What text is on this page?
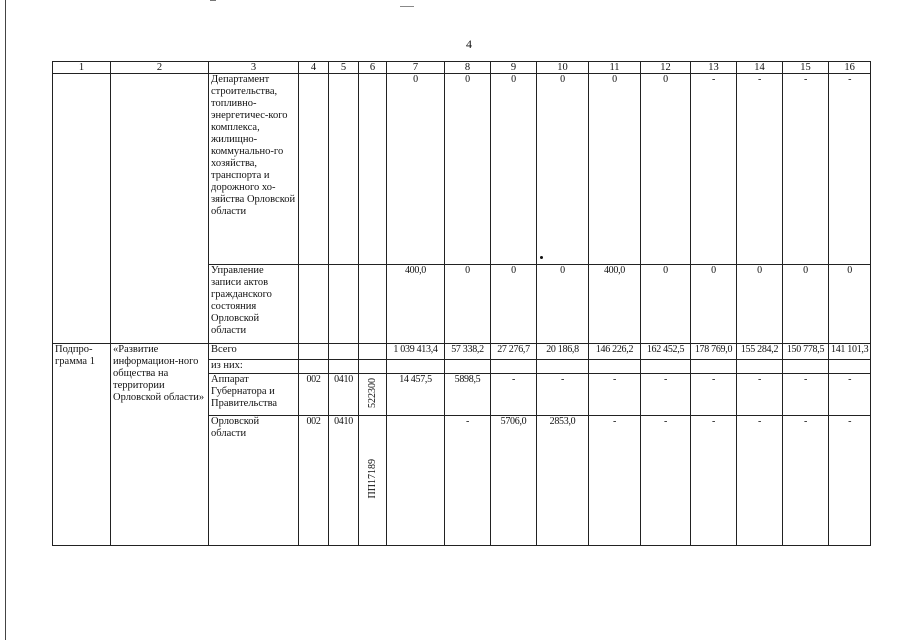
4
1	2	3	4	5	6	7	8	9	10	11	12	13	14	15	16
		Департамент строительства, топливно-энергетичес-кого комплекса, жилищно-коммунально-го хозяйства, транспорта и дорожного хо-зяйства Орловской области				0	0	0	0	0	0	-	-	-	-
		Управление записи актов гражданского состояния Орловской области				400,0	0	0	0	400,0	0	0	0	0	0
Подпро-грамма 1	«Развитие информацион-ного общества на территории Орловской области»	Всего				1 039 413,4	57 338,2	27 276,7	20 186,8	146 226,2	162 452,5	178 769,0	155 284,2	150 778,5	141 101,3
		из них:													
		Аппарат Губернатора и Правительства	002	0410	522300	14 457,5	5898,5	-	-	-	-	-	-	-	-
		Орловской области	002	0410	ПП17189		-	5706,0	2853,0	-	-	-	-	-	-
